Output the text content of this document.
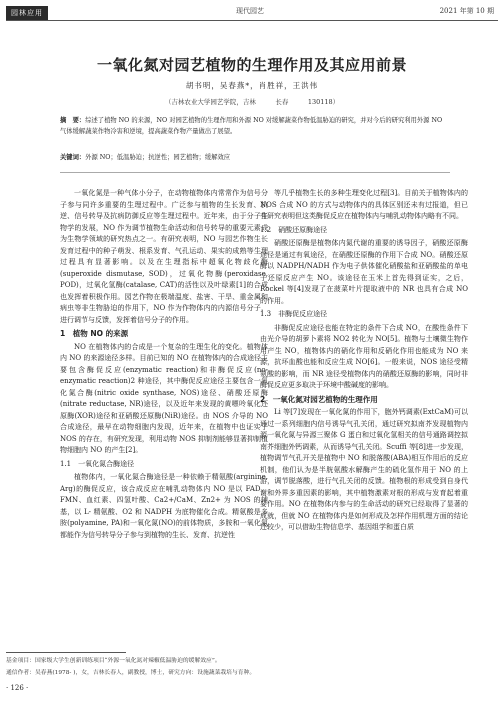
园林应用	现代园艺	2021 年第 10 期
一氧化氮对园艺植物的生理作用及其应用前景
胡书明，吴春燕*，肖胜祥，王洪伟
（吉林农业大学园艺学院，吉林　　　长春　　　130118）
摘　要：综述了植物 NO 的来源，NO 对园艺植物的生理作用和外源 NO 对缓解蔬菜作物低温胁迫的研究，并对今后的研究利用外源 NO 气体缓解蔬菜作物冷害和逆境，提高蔬菜作物产量做出了展望。
关键词：外源 NO；低温胁迫；抗逆性；园艺植物；缓解效应

一氧化氮是一种气体小分子，在动物植物体内常常作为信号分子参与同许多重要的生理过程中。广泛参与植物的生长发育、抗逆、信号转导及抗病防御反应等生理过程中。近年来，由于分子生物学的发展，NO 作为调节植物生命活动和信号转导的重要元素成为生物学领域的研究热点之一。有研究表明，NO 与园艺作物生长发育过程中的种子萌发、根系发育、气孔运动、果实的成熟等生理过程具有显著影响。以及在生理指标中超氧化物歧化酶(superoxide dismutase, SOD)，过氧化物酶(peroxidase, POD)，过氧化氢酶(catalase, CAT)的活性以及叶绿素[1]的合成也发挥着积极作用。园艺作物在极端温度、盐害、干旱、重金属和病虫等非生物胁迫的作用下，NO 作为作物体内的内源信号分子，进行调节与反馈，发挥着信号分子的作用。

1　植物 NO 的来源

NO 在植物体内的合成是一个复杂的生理生化的变化。植物体内 NO 的来源途径多样。目前已知的 NO 在植物体内的合成途径主要包含酶促反应(enzymatic reaction)和非酶促反应(no-enzymatic reaction)2 种途径，其中酶促反应途径主要包含一氧化氮合酶(nitric oxide synthase, NOS)途径、硝酸还原酶(nitrate reductase, NR)途径，以及近年来发现的黄嘌呤氧化还原酶(XOR)途径和亚硝酸还原酶(NiR)途径。由 NOS 介导的 NO 合成途径，最早在动物细胞内发现，近年来，在植物中也证实了 NOS 的存在，有研究发现，利用动物 NOS 抑制剂能够显著抑制植物细胞内 NO 的产生[2]。

1.1　一氧化氮合酶途径

植物体内，一氧化氮合酶途径是一种依赖于精氨酸(arginine, Arg)的酶促反应，该合成反应在哺乳动物体内 NO 是以 FAD、FMN、血红素、四氢叶酸、Ca2+/CaM、Zn2+ 为 NOS 的辅基，以 L- 精氨酸、O2 和 NADPH 为底物催化合成。精氨酸是多胺(polyamine, PA)和一氧化氮(NO)的前体物质，多胺和一氧化氮都能作为信号转导分子参与到植物的生长、发育、抗逆性

等几乎植物生长的多种生理变化过程[3]。目前关于植物体内的 NOS 合成 NO 的方式与动物体内的具体区别还未有过报道，但已有研究表明但这类酶促反应在植物体内与哺乳动物体内略有不同。

1.2　硝酸还原酶途径

硝酸还原酶是植物体内氮代谢的重要的诱导因子，硝酸还原酶途径是通过有氧途径，在硝酸还原酶的作用下合成 NO。硝酸还原酶以 NADPH/NADH 作为电子供体催化硝酸盐和亚硝酸盐的单电子还原反应产生 NO。该途径在玉米上首先得到证实，之后，Rockel 等[4]发现了在菠菜叶片提取液中的 NR 也具有合成 NO 的作用。

1.3　非酶促反应途径

非酶促反应途径也能在特定的条件下合成 NO，在酸性条件下由光介导的胡萝卜素将 NO2 转化为 NO[5]。植物与土壤微生物作用产生 NO，植物体内的硝化作用和反硝化作用也能成为 NO 来源，抗坏血酸也能和反应生成 NO[6]。一般来说，NOS 途径受精氨酸的影响，而 NR 途径受植物体内的硝酸还原酶的影响，同时非酶促反应更多取决于环境中酸碱度的影响。

2　一氧化氮对园艺植物的生理作用

Li 等[7]发现在一氧化氮的作用下，胞外钙调素(ExtCaM)可以通过一系列细胞内信号诱导气孔关闭，通过研究拟南芥发现植物内源一氧化氮与异源三聚体 G 蛋白和过氧化氢相关的信号通路调控拟南芥细胞外钙调素，从而诱导气孔关闭。Scuffi 等[8]进一步发现，植物调节气孔开关是植物中 NO 和脱落酸(ABA)相互作用后的反应机制，他们认为是半胱氨酸水解酶产生的硫化氢作用于 NO 的上游，调节脱落酸，进行气孔关闭的反馈。植物根的形成受到自身代谢和外界多重因素的影响，其中植物激素对根的形成与发育起着重要作用。NO 在植物体内参与的生命活动的研究已经取得了显著的成就，但就 NO 在植物体内是如何形成及怎样作用机理方面的结论还较少，可以借助生物信息学、基因组学和蛋白质

基金项目：国家级大学生创新训练项目“外源一氧化氮对辣椒低温胁迫的缓解效应”。
通信作者：吴春燕(1978- )，女，吉林长春人，副教授，博士，研究方向：设施蔬菜栽培与育种。
· 126 ·
